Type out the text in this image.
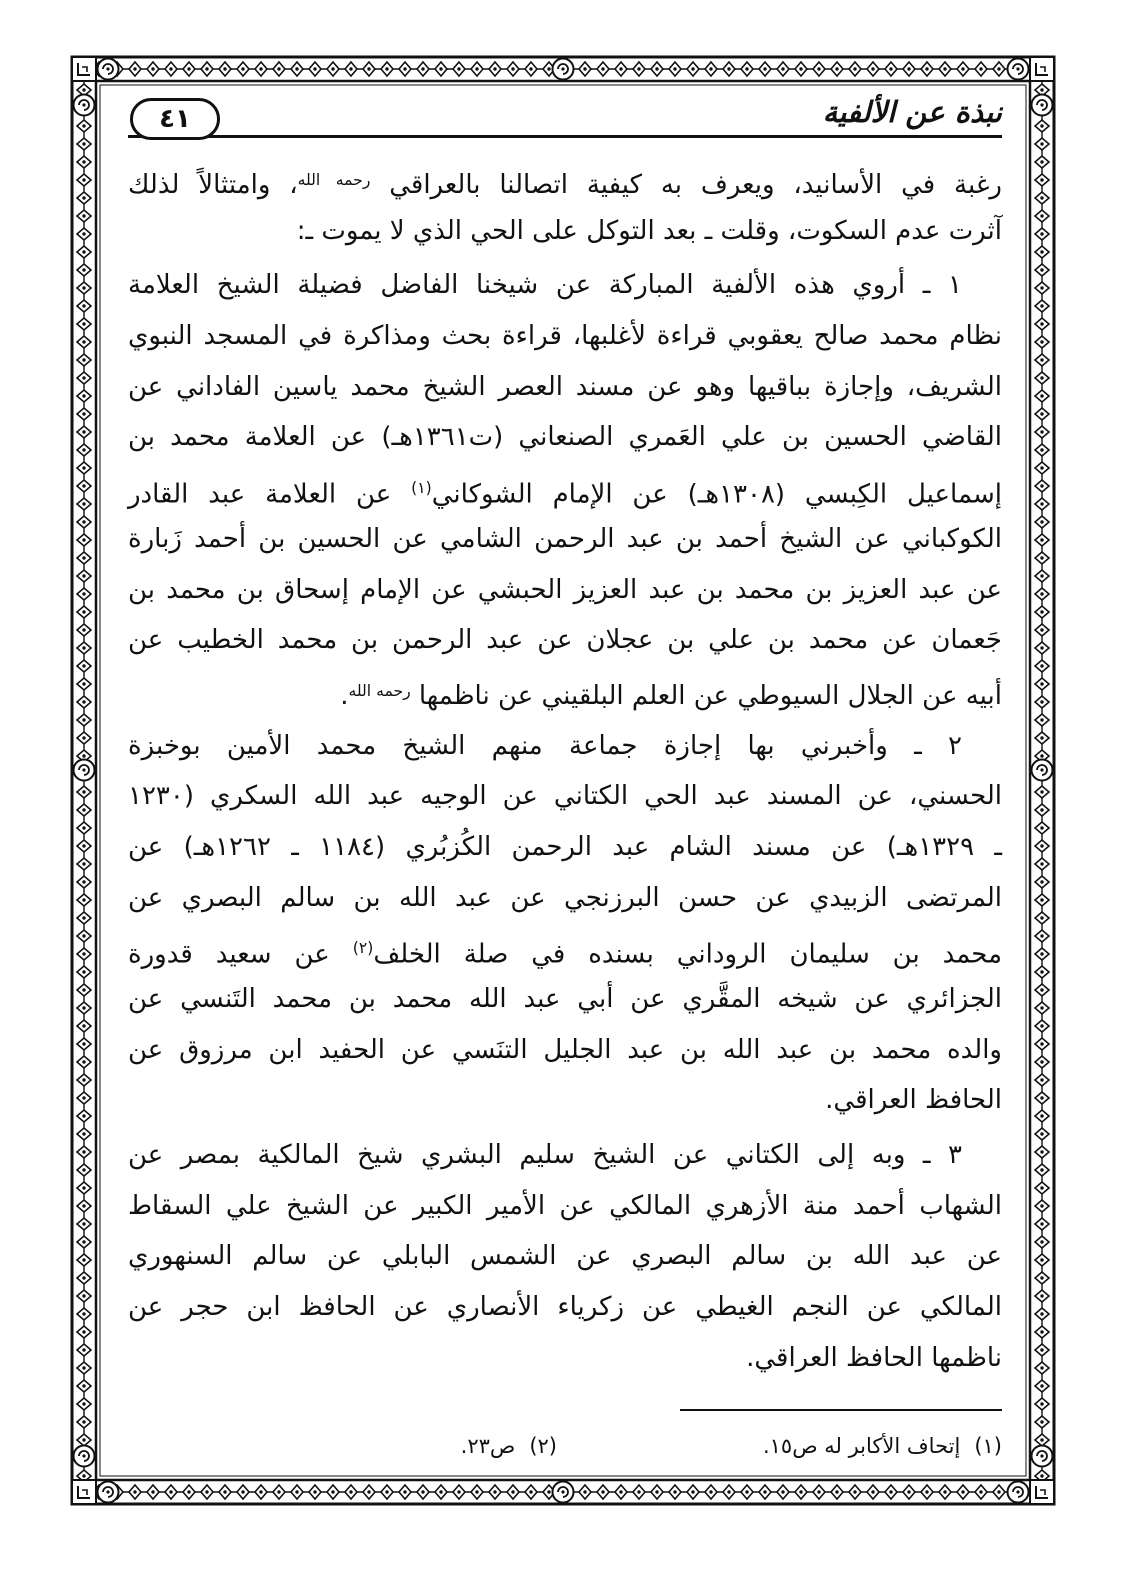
٤١	نبذة عن الألفية
رغبة في الأسانيد، ويعرف به كيفية اتصالنا بالعراقي $^{رحمه الله}$، وامتثالاً لذلك
آثرت عدم السكوت، وقلت ـ بعد التوكل على الحي الذي لا يموت ـ:
١ ـ أروي هذه الألفية المباركة عن شيخنا الفاضل فضيلة الشيخ العلامة
نظام محمد صالح يعقوبي قراءة لأغلبها، قراءة بحث ومذاكرة في المسجد النبوي
الشريف، وإجازة بباقيها وهو عن مسند العصر الشيخ محمد ياسين الفاداني عن
القاضي الحسين بن علي العَمري الصنعاني (ت١٣٦١هـ) عن العلامة محمد بن
إسماعيل الكِبسي (١٣٠٨هـ) عن الإمام الشوكاني$^{(١)}$ عن العلامة عبد القادر
الكوكباني عن الشيخ أحمد بن عبد الرحمن الشامي عن الحسين بن أحمد زَبارة
عن عبد العزيز بن محمد بن عبد العزيز الحبشي عن الإمام إسحاق بن محمد بن
جَعمان عن محمد بن علي بن عجلان عن عبد الرحمن بن محمد الخطيب عن
أبيه عن الجلال السيوطي عن العلم البلقيني عن ناظمها $^{رحمه الله}$.
٢ ـ وأخبرني بها إجازة جماعة منهم الشيخ محمد الأمين بوخبزة
الحسني، عن المسند عبد الحي الكتاني عن الوجيه عبد الله السكري (١٢٣٠
ـ ١٣٢٩هـ) عن مسند الشام عبد الرحمن الكُزبُري (١١٨٤ ـ ١٢٦٢هـ) عن
المرتضى الزبيدي عن حسن البرزنجي عن عبد الله بن سالم البصري عن
محمد بن سليمان الروداني بسنده في صلة الخلف$^{(٢)}$ عن سعيد قدورة
الجزائري عن شيخه المقَّري عن أبي عبد الله محمد بن محمد التَنسي عن
والده محمد بن عبد الله بن عبد الجليل التنَسي عن الحفيد ابن مرزوق عن
الحافظ العراقي.
٣ ـ وبه إلى الكتاني عن الشيخ سليم البشري شيخ المالكية بمصر عن
الشهاب أحمد منة الأزهري المالكي عن الأمير الكبير عن الشيخ علي السقاط
عن عبد الله بن سالم البصري عن الشمس البابلي عن سالم السنهوري
المالكي عن النجم الغيطي عن زكرياء الأنصاري عن الحافظ ابن حجر عن
ناظمها الحافظ العراقي.
(١)إتحاف الأكابر له ص١٥.
(٢)ص٢٣.
